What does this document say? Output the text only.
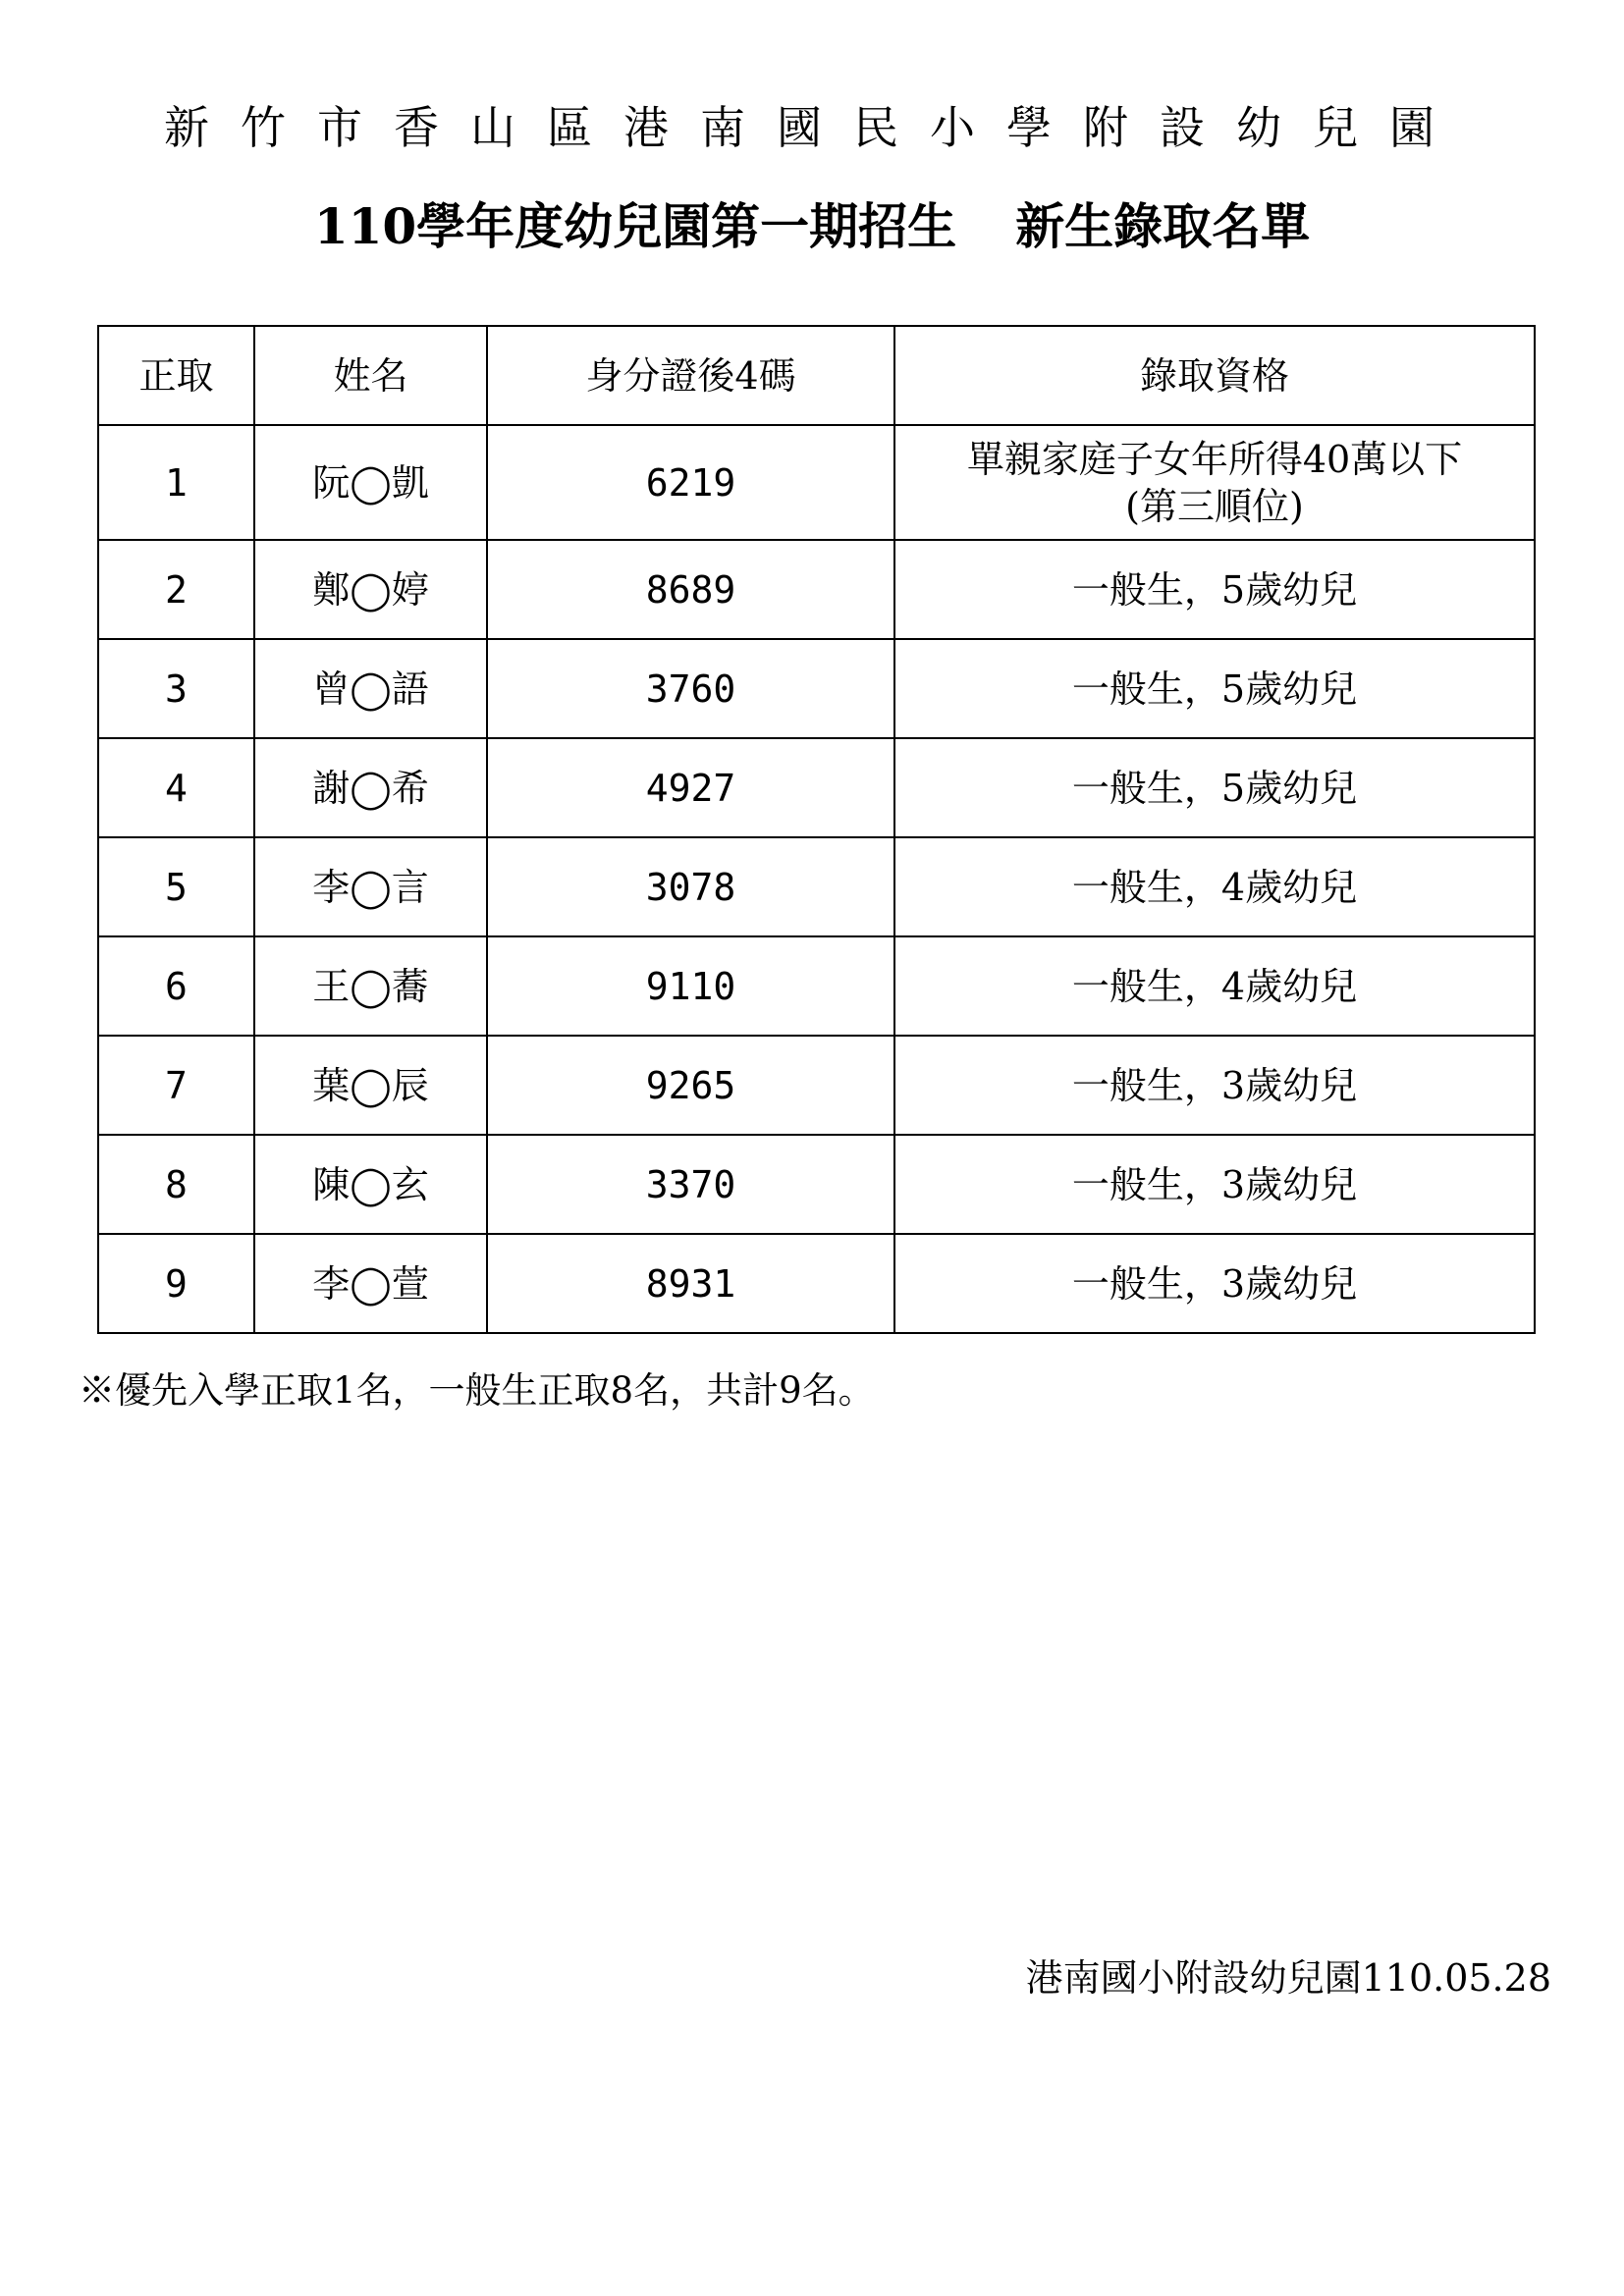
新竹市香山區港南國民小學附設幼兒園
110學年度幼兒園第一期招生 新生錄取名單
正取	姓名	身分證後4碼	錄取資格
1	阮◯凱	6219	單親家庭子女年所得40萬以下
(第三順位)

2	鄭◯婷	8689	一般生，5歲幼兒
3	曾◯語	3760	一般生，5歲幼兒
4	謝◯希	4927	一般生，5歲幼兒
5	李◯言	3078	一般生，4歲幼兒
6	王◯蕎	9110	一般生，4歲幼兒
7	葉◯辰	9265	一般生，3歲幼兒
8	陳◯玄	3370	一般生，3歲幼兒
9	李◯萱	8931	一般生，3歲幼兒
※優先入學正取1名，一般生正取8名，共計9名。
港南國小附設幼兒園110.05.28
